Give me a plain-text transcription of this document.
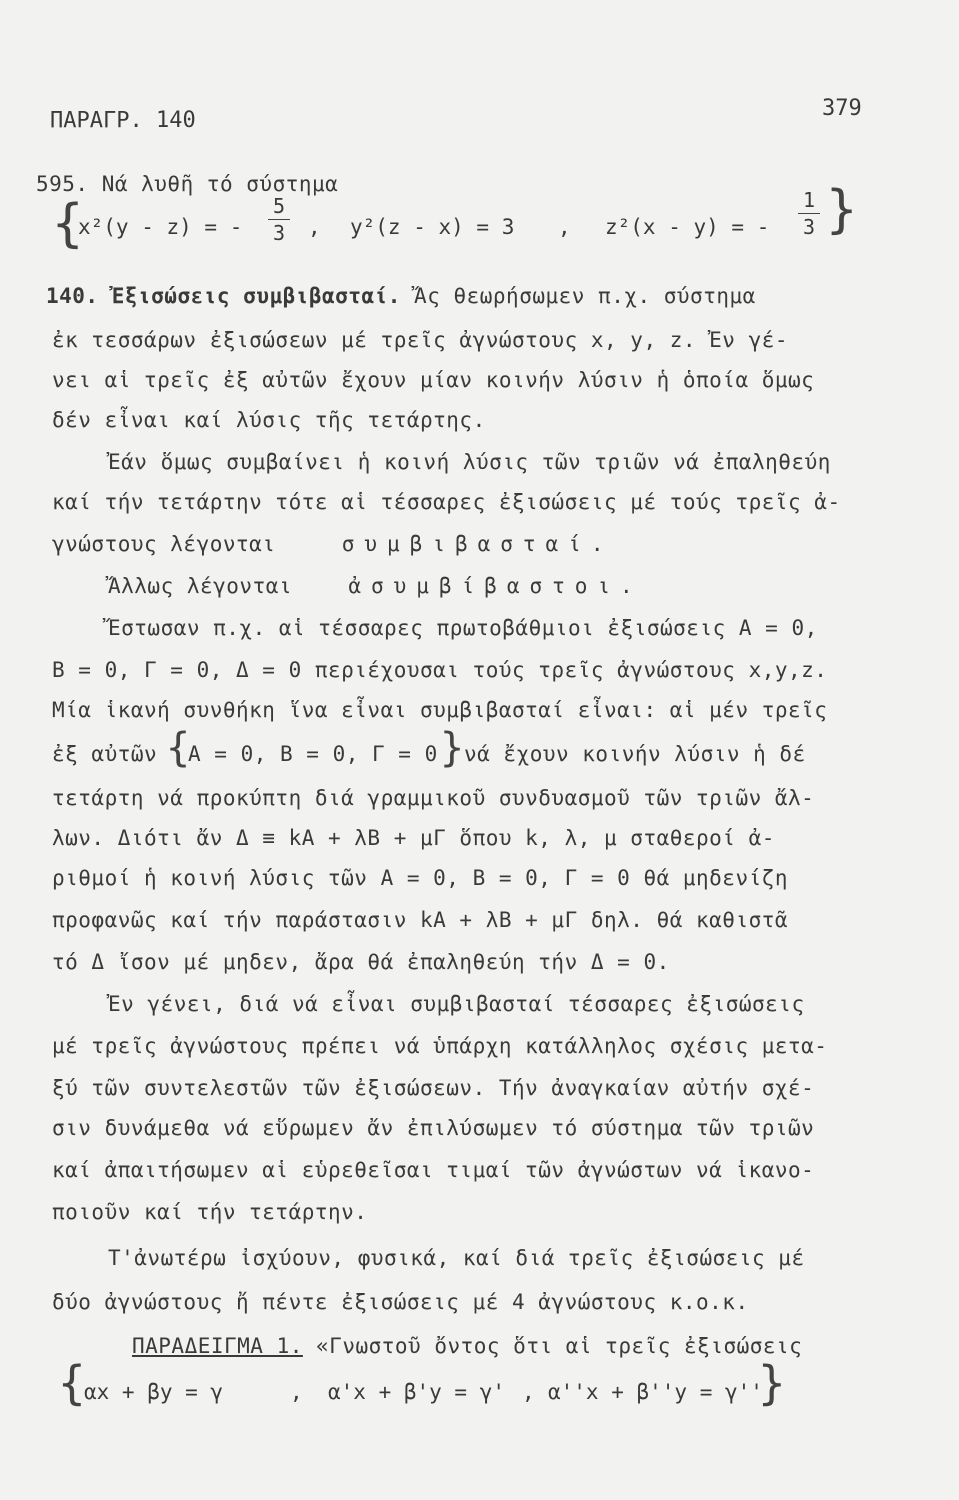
ΠΑΡΑΓΡ. 140	379
595. Νά λυθῆ τό σύστημα
{
x²(y - z) = -
5
3 , y²(z - x) = 3 , z²(x - y) = -
1
3 }
140. Ἐξισώσεις συμβιβασταί. Ἄς θεωρήσωμεν π.χ. σύστημα
ἐκ τεσσάρων ἐξισώσεων μέ τρεῖς ἀγνώστους x, y, z. Ἐν γέ-
νει αἱ τρεῖς ἐξ αὐτῶν ἔχουν μίαν κοινήν λύσιν ἡ ὁποία ὅμως
δέν εἶναι καί λύσις τῆς τετάρτης.
Ἐάν ὅμως συμβαίνει ἡ κοινή λύσις τῶν τριῶν νά ἐπαληθεύη
καί τήν τετάρτην τότε αἱ τέσσαρες ἐξισώσεις μέ τούς τρεῖς ἀ-
γνώστους λέγονται	συμβιβασταί.
Ἄλλως λέγονται	ἀσυμβίβαστοι.
Ἔστωσαν π.χ. αἱ τέσσαρες πρωτοβάθμιοι ἐξισώσεις A = 0,
B = 0, Γ = 0, Δ = 0 περιέχουσαι τούς τρεῖς ἀγνώστους x,y,z.
Μία ἱκανή συνθήκη ἵνα εἶναι συμβιβασταί εἶναι: αἱ μέν τρεῖς
ἐξ αὐτῶν {
A = 0, B = 0, Γ = 0 } νά ἔχουν κοινήν λύσιν ἡ δέ
τετάρτη νά προκύπτη διά γραμμικοῦ συνδυασμοῦ τῶν τριῶν ἄλ-
λων. Διότι ἄν Δ ≡ kA + λB + μΓ ὅπου k, λ, μ σταθεροί ἀ-
ριθμοί ἡ κοινή λύσις τῶν A = 0, B = 0, Γ = 0 θά μηδενίζη
προφανῶς καί τήν παράστασιν kA + λB + μΓ δηλ. θά καθιστᾶ
τό Δ ἴσον μέ μηδεν, ἄρα θά ἐπαληθεύη τήν Δ = 0.
Ἐν γένει, διά νά εἶναι συμβιβασταί τέσσαρες ἐξισώσεις
μέ τρεῖς ἀγνώστους πρέπει νά ὑπάρχη κατάλληλος σχέσις μετα-
ξύ τῶν συντελεστῶν τῶν ἐξισώσεων. Τήν ἀναγκαίαν αὐτήν σχέ-
σιν δυνάμεθα νά εὕρωμεν ἄν ἐπιλύσωμεν τό σύστημα τῶν τριῶν
καί ἀπαιτήσωμεν αἱ εὑρεθεῖσαι τιμαί τῶν ἀγνώστων νά ἱκανο-
ποιοῦν καί τήν τετάρτην.
Τ'ἀνωτέρω ἰσχύουν, φυσικά, καί διά τρεῖς ἐξισώσεις μέ
δύο ἀγνώστους ἤ πέντε ἐξισώσεις μέ 4 ἀγνώστους κ.ο.κ.
ΠΑΡΑΔΕΙΓΜΑ 1. «Γνωστοῦ ὄντος ὅτι αἱ τρεῖς ἐξισώσεις
{
αx + βy = γ	, α'x + β'y = γ' , α''x + β''y = γ''
}
